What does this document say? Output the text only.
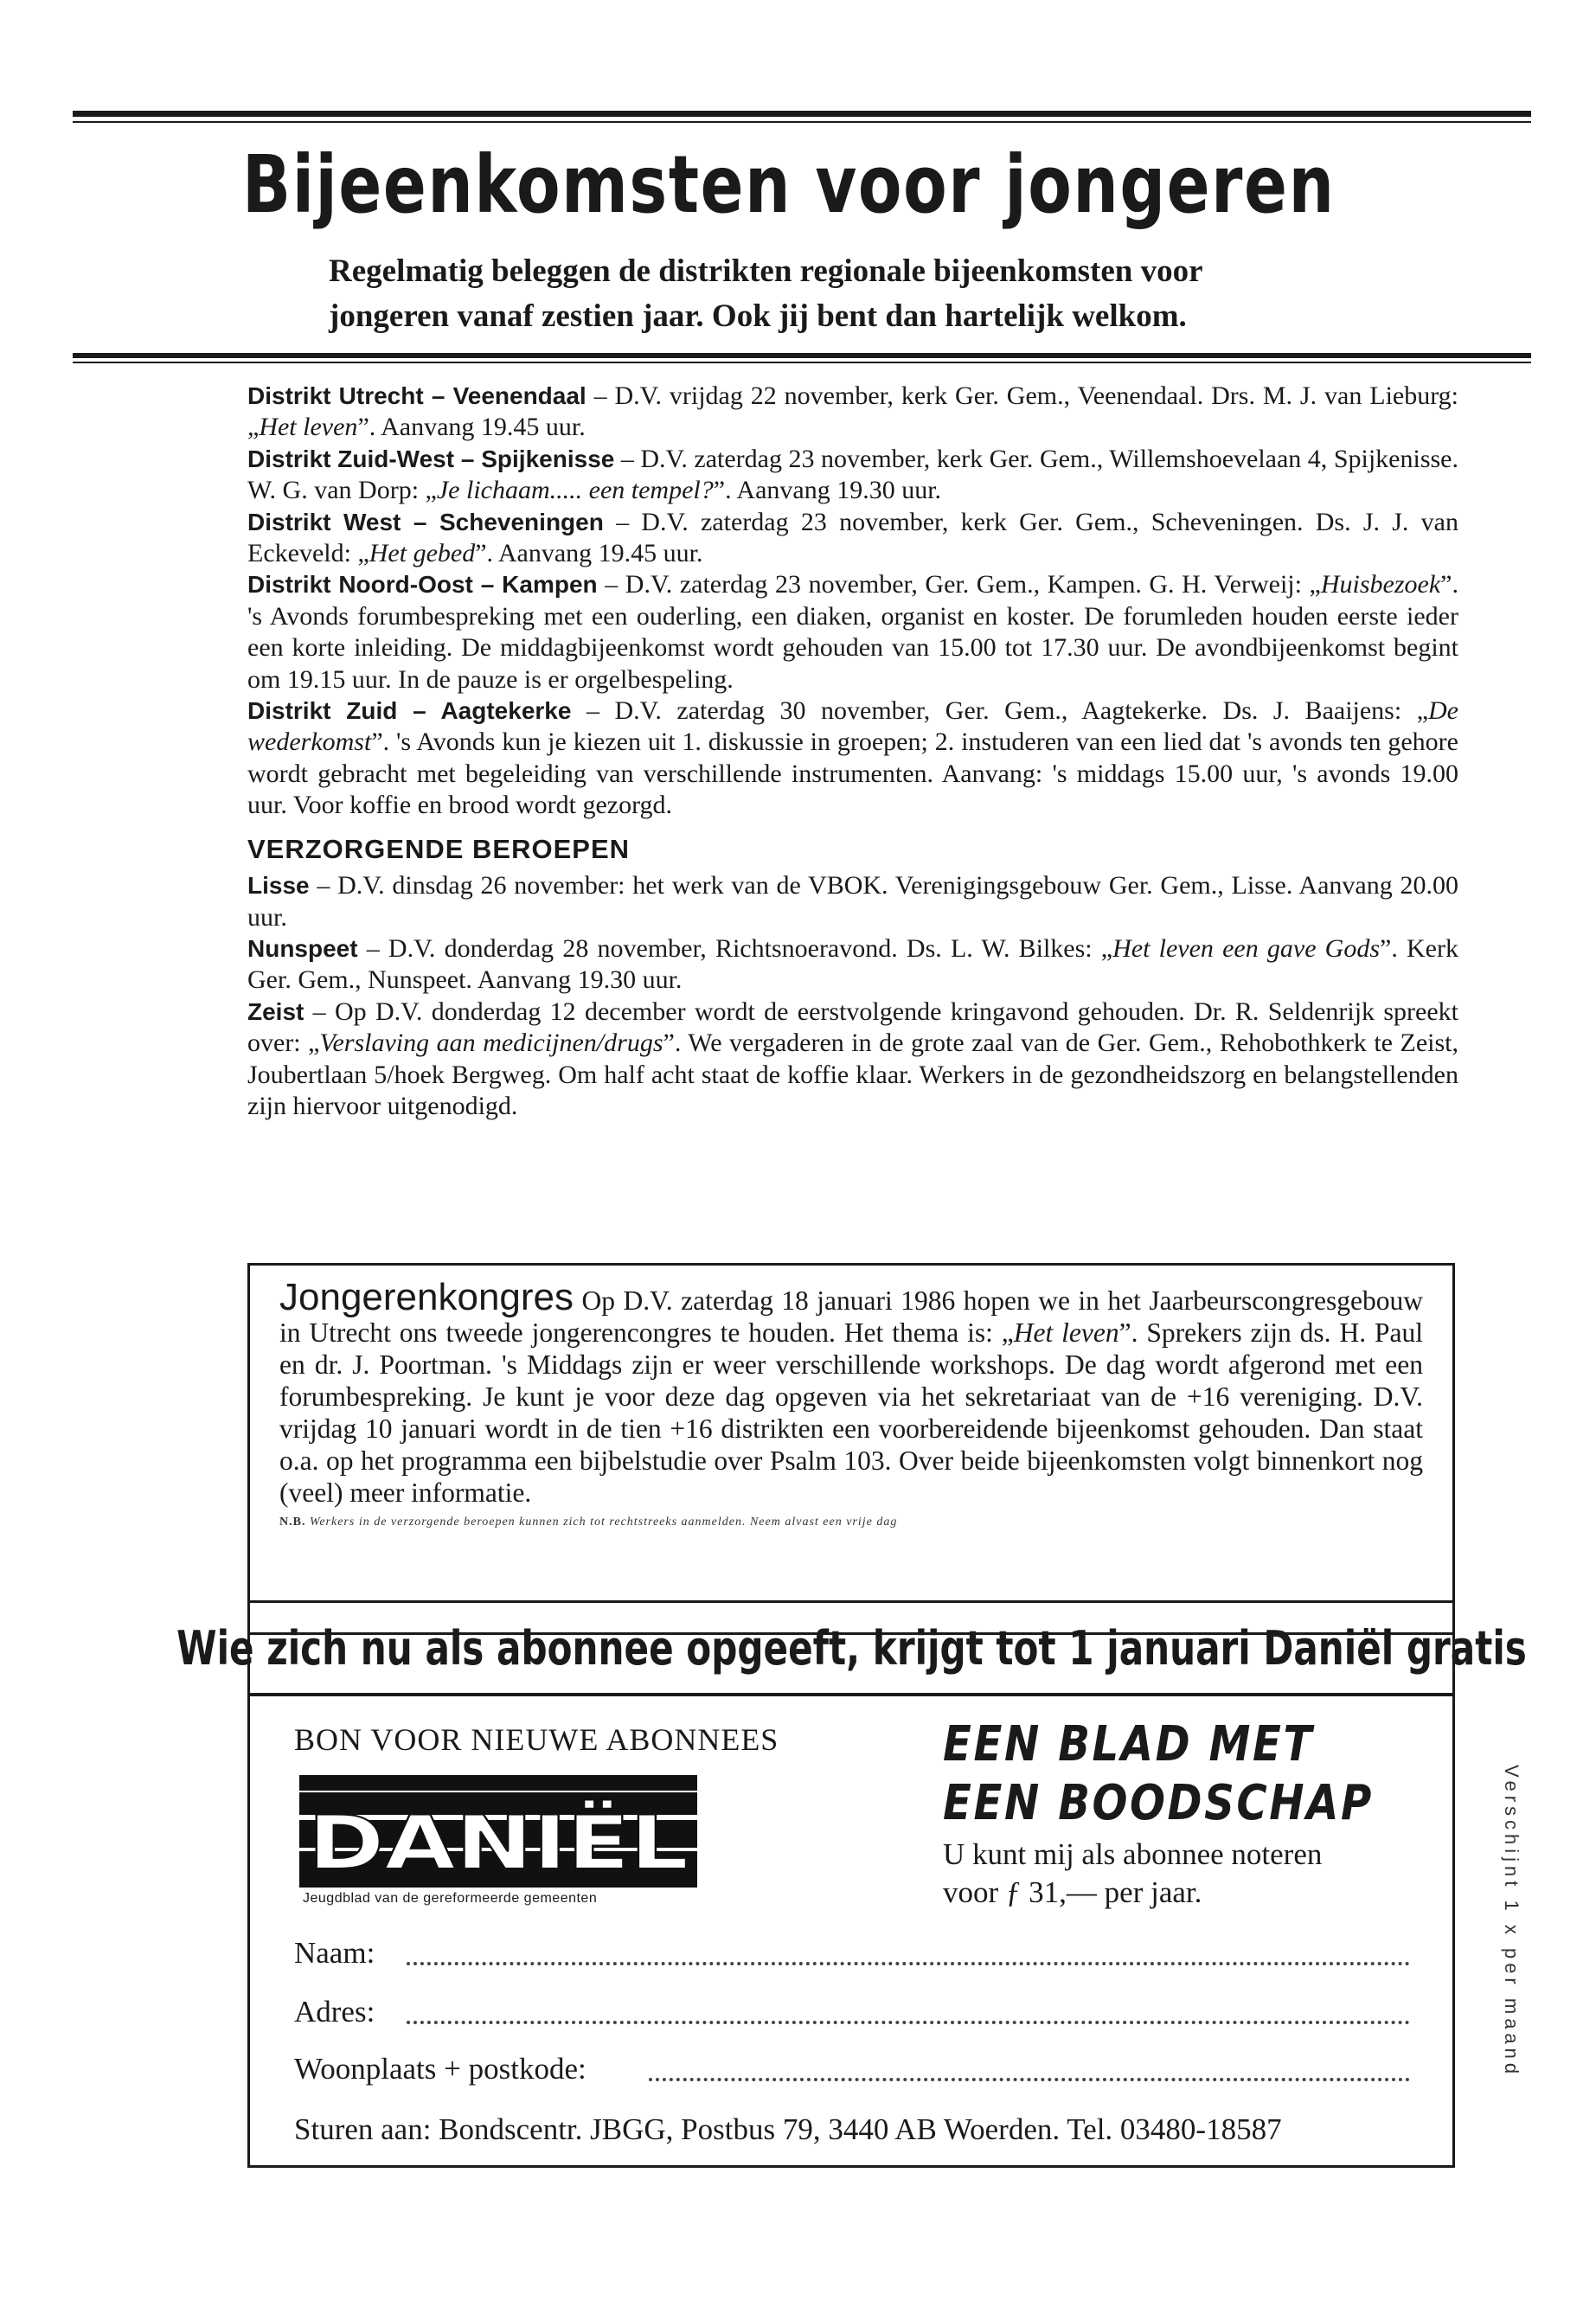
Bijeenkomsten voor jongeren
Regelmatig beleggen de distrikten regionale bijeenkomsten voor
jongeren vanaf zestien jaar. Ook jij bent dan hartelijk welkom.

Distrikt Utrecht – Veenendaal – D.V. vrijdag 22 november, kerk Ger. Gem., Veenendaal. Drs. M. J. van Lieburg: „Het leven”. Aanvang 19.45 uur.

Distrikt Zuid-West – Spijkenisse – D.V. zaterdag 23 november, kerk Ger. Gem., Willemshoevelaan 4, Spijkenisse. W. G. van Dorp: „Je lichaam..... een tempel?”. Aanvang 19.30 uur.

Distrikt West – Scheveningen – D.V. zaterdag 23 november, kerk Ger. Gem., Scheveningen. Ds. J. J. van Eckeveld: „Het gebed”. Aanvang 19.45 uur.

Distrikt Noord-Oost – Kampen – D.V. zaterdag 23 november, Ger. Gem., Kampen. G. H. Verweij: „Huisbezoek”. 's Avonds forumbespreking met een ouderling, een diaken, organist en koster. De forumleden houden eerste ieder een korte inleiding. De middagbijeenkomst wordt gehouden van 15.00 tot 17.30 uur. De avondbijeenkomst begint om 19.15 uur. In de pauze is er orgelbespeling.

Distrikt Zuid – Aagtekerke – D.V. zaterdag 30 november, Ger. Gem., Aagtekerke. Ds. J. Baaijens: „De wederkomst”. 's Avonds kun je kiezen uit 1. diskussie in groepen; 2. instuderen van een lied dat 's avonds ten gehore wordt gebracht met begeleiding van verschillende instrumenten. Aanvang: 's middags 15.00 uur, 's avonds 19.00 uur. Voor koffie en brood wordt gezorgd.

VERZORGENDE BEROEPEN

Lisse – D.V. dinsdag 26 november: het werk van de VBOK. Verenigingsgebouw Ger. Gem., Lisse. Aanvang 20.00 uur.

Nunspeet – D.V. donderdag 28 november, Richtsnoeravond. Ds. L. W. Bilkes: „Het leven een gave Gods”. Kerk Ger. Gem., Nunspeet. Aanvang 19.30 uur.

Zeist – Op D.V. donderdag 12 december wordt de eerstvolgende kringavond gehouden. Dr. R. Seldenrijk spreekt over: „Verslaving aan medicijnen/drugs”. We vergaderen in de grote zaal van de Ger. Gem., Rehobothkerk te Zeist, Joubertlaan 5/hoek Bergweg. Om half acht staat de koffie klaar. Werkers in de gezondheidszorg en belangstellenden zijn hiervoor uitgenodigd.

Jongerenkongres Op D.V. zaterdag 18 januari 1986 hopen we in het Jaarbeurscongresgebouw in Utrecht ons tweede jongerencongres te houden. Het thema is: „Het leven”. Sprekers zijn ds. H. Paul en dr. J. Poortman. 's Middags zijn er weer verschillende workshops. De dag wordt afgerond met een forumbespreking. Je kunt je voor deze dag opgeven via het sekretariaat van de +16 vereniging. D.V. vrijdag 10 januari wordt in de tien +16 distrikten een voorbereidende bijeenkomst gehouden. Dan staat o.a. op het programma een bijbelstudie over Psalm 103. Over beide bijeenkomsten volgt binnenkort nog (veel) meer informatie.

N.B. Werkers in de verzorgende beroepen kunnen zich tot rechtstreeks aanmelden. Neem alvast een vrije dag
Wie zich nu als abonnee opgeeft, krijgt tot 1 januari Daniël gratis
BON VOOR NIEUWE ABONNEES
DANIËL
Jeugdblad van de gereformeerde gemeenten
EEN BLAD MET
EEN BOODSCHAP
U kunt mij als abonnee noteren
voor ƒ 31,— per jaar.
Naam:
Adres:
Woonplaats + postkode:
Sturen aan: Bondscentr. JBGG, Postbus 79, 3440 AB Woerden. Tel. 03480-18587
Verschijnt 1 x per maand
